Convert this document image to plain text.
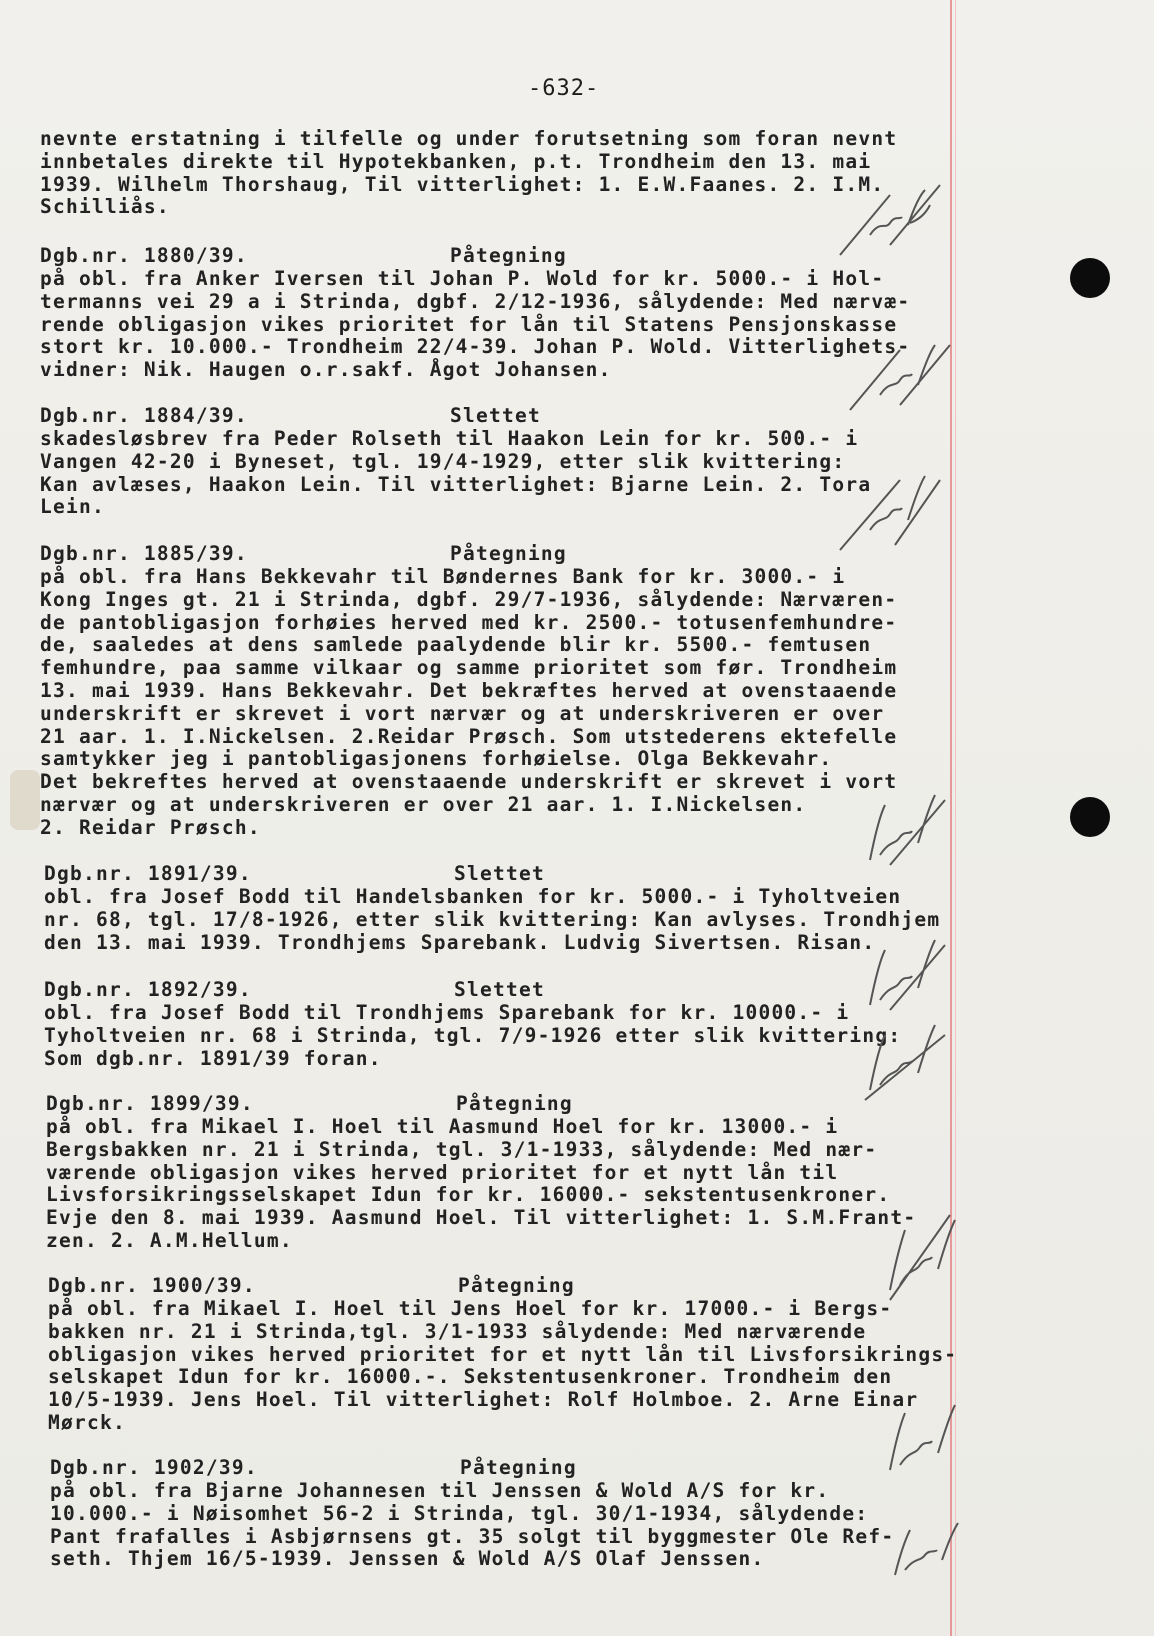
-632-
nevnte erstatning i tilfelle og under forutsetning som foran nevnt
innbetales direkte til Hypotekbanken, p.t. Trondheim den 13. mai
1939. Wilhelm Thorshaug, Til vitterlighet: 1. E.W.Faanes. 2. I.M.
Schilliås.
Dgb.nr. 1880/39.	Påtegning
på obl. fra Anker Iversen til Johan P. Wold for kr. 5000.- i Hol-
termanns vei 29 a i Strinda, dgbf. 2/12-1936, sålydende: Med nærvæ-
rende obligasjon vikes prioritet for lån til Statens Pensjonskasse
stort kr. 10.000.- Trondheim 22/4-39. Johan P. Wold. Vitterlighets-
vidner: Nik. Haugen o.r.sakf. Ågot Johansen.
Dgb.nr. 1884/39.	Slettet
skadesløsbrev fra Peder Rolseth til Haakon Lein for kr. 500.- i
Vangen 42-20 i Byneset, tgl. 19/4-1929, etter slik kvittering:
Kan avlæses, Haakon Lein. Til vitterlighet: Bjarne Lein. 2. Tora
Lein.
Dgb.nr. 1885/39.	Påtegning
på obl. fra Hans Bekkevahr til Bøndernes Bank for kr. 3000.- i
Kong Inges gt. 21 i Strinda, dgbf. 29/7-1936, sålydende: Nærværen-
de pantobligasjon forhøies herved med kr. 2500.- totusenfemhundre-
de, saaledes at dens samlede paalydende blir kr. 5500.- femtusen
femhundre, paa samme vilkaar og samme prioritet som før. Trondheim
13. mai 1939. Hans Bekkevahr. Det bekræftes herved at ovenstaaende
underskrift er skrevet i vort nærvær og at underskriveren er over
21 aar. 1. I.Nickelsen. 2.Reidar Prøsch. Som utstederens ektefelle
samtykker jeg i pantobligasjonens forhøielse. Olga Bekkevahr.
Det bekreftes herved at ovenstaaende underskrift er skrevet i vort
nærvær og at underskriveren er over 21 aar. 1. I.Nickelsen.
2. Reidar Prøsch.
Dgb.nr. 1891/39.	Slettet
obl. fra Josef Bodd til Handelsbanken for kr. 5000.- i Tyholtveien
nr. 68, tgl. 17/8-1926, etter slik kvittering: Kan avlyses. Trondhjem
den 13. mai 1939. Trondhjems Sparebank. Ludvig Sivertsen. Risan.
Dgb.nr. 1892/39.	Slettet
obl. fra Josef Bodd til Trondhjems Sparebank for kr. 10000.- i
Tyholtveien nr. 68 i Strinda, tgl. 7/9-1926 etter slik kvittering:
Som dgb.nr. 1891/39 foran.
Dgb.nr. 1899/39.	Påtegning
på obl. fra Mikael I. Hoel til Aasmund Hoel for kr. 13000.- i
Bergsbakken nr. 21 i Strinda, tgl. 3/1-1933, sålydende: Med nær-
værende obligasjon vikes herved prioritet for et nytt lån til
Livsforsikringsselskapet Idun for kr. 16000.- sekstentusenkroner.
Evje den 8. mai 1939. Aasmund Hoel. Til vitterlighet: 1. S.M.Frant-
zen. 2. A.M.Hellum.
Dgb.nr. 1900/39.	Påtegning
på obl. fra Mikael I. Hoel til Jens Hoel for kr. 17000.- i Bergs-
bakken nr. 21 i Strinda,tgl. 3/1-1933 sålydende: Med nærværende
obligasjon vikes herved prioritet for et nytt lån til Livsforsikrings-
selskapet Idun for kr. 16000.-. Sekstentusenkroner. Trondheim den
10/5-1939. Jens Hoel. Til vitterlighet: Rolf Holmboe. 2. Arne Einar
Mørck.
Dgb.nr. 1902/39.	Påtegning
på obl. fra Bjarne Johannesen til Jenssen & Wold A/S for kr.
10.000.- i Nøisomhet 56-2 i Strinda, tgl. 30/1-1934, sålydende:
Pant frafalles i Asbjørnsens gt. 35 solgt til byggmester Ole Ref-
seth. Thjem 16/5-1939. Jenssen & Wold A/S Olaf Jenssen.
